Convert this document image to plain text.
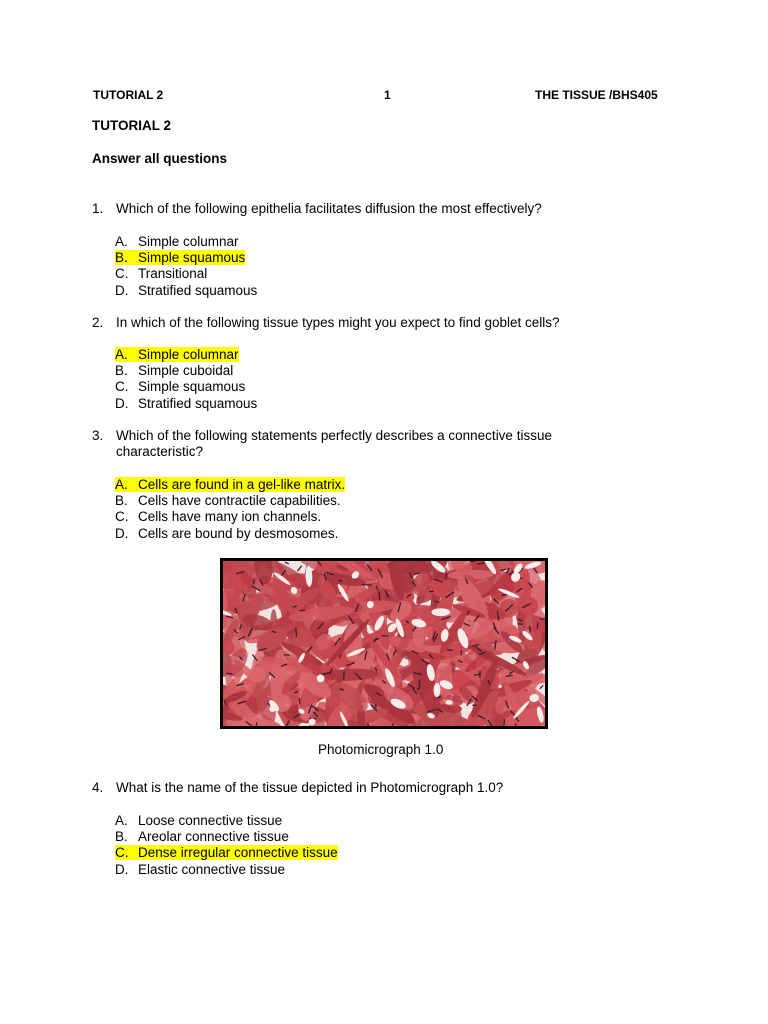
TUTORIAL 2	1	THE TISSUE /BHS405
TUTORIAL 2
Answer all questions
1. Which of the following epithelia facilitates diffusion the most effectively?
A. Simple columnar
B. Simple squamous
C. Transitional
D. Stratified squamous
2. In which of the following tissue types might you expect to find goblet cells?
A. Simple columnar
B. Simple cuboidal
C. Simple squamous
D. Stratified squamous
3. Which of the following statements perfectly describes a connective tissue characteristic?
A. Cells are found in a gel-like matrix.
B. Cells have contractile capabilities.
C. Cells have many ion channels.
D. Cells are bound by desmosomes.
Photomicrograph 1.0
4. What is the name of the tissue depicted in Photomicrograph 1.0?
A. Loose connective tissue
B. Areolar connective tissue
C. Dense irregular connective tissue
D. Elastic connective tissue
